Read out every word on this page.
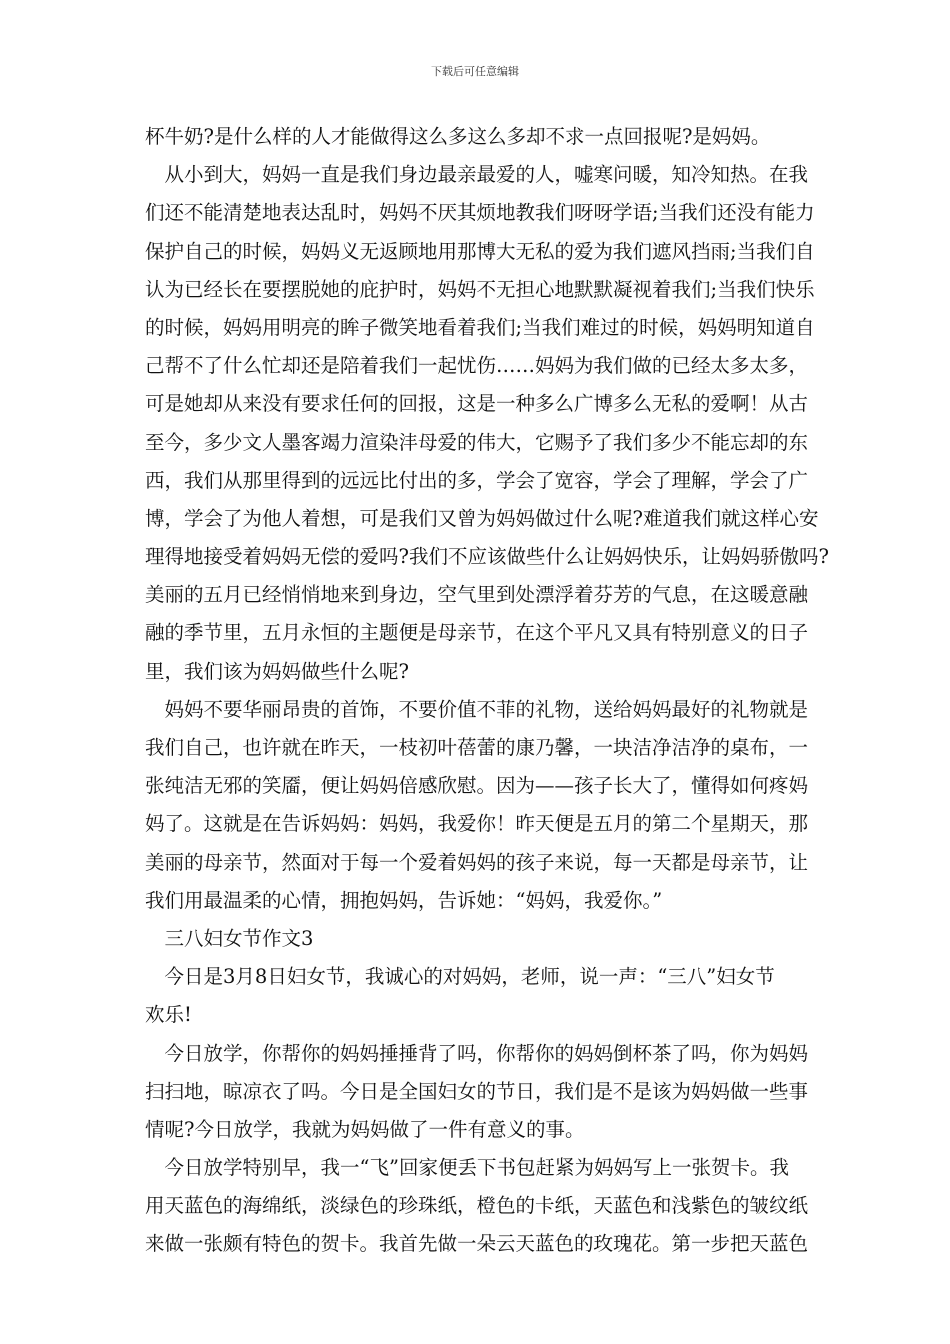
下载后可任意编辑
杯牛奶?是什么样的人才能做得这么多这么多却不求一点回报呢?是妈妈。
　从小到大，妈妈一直是我们身边最亲最爱的人，嘘寒问暖，知冷知热。在我
们还不能清楚地表达乱时，妈妈不厌其烦地教我们呀呀学语;当我们还没有能力
保护自己的时候，妈妈义无返顾地用那博大无私的爱为我们遮风挡雨;当我们自
认为已经长在要摆脱她的庇护时，妈妈不无担心地默默凝视着我们;当我们快乐
的时候，妈妈用明亮的眸子微笑地看着我们;当我们难过的时候，妈妈明知道自
己帮不了什么忙却还是陪着我们一起忧伤……妈妈为我们做的已经太多太多，
可是她却从来没有要求任何的回报，这是一种多么广博多么无私的爱啊！从古
至今，多少文人墨客竭力渲染沣母爱的伟大，它赐予了我们多少不能忘却的东
西，我们从那里得到的远远比付出的多，学会了宽容，学会了理解，学会了广
博，学会了为他人着想，可是我们又曾为妈妈做过什么呢?难道我们就这样心安
理得地接受着妈妈无偿的爱吗?我们不应该做些什么让妈妈快乐，让妈妈骄傲吗?
美丽的五月已经悄悄地来到身边，空气里到处漂浮着芬芳的气息，在这暖意融
融的季节里，五月永恒的主题便是母亲节，在这个平凡又具有特别意义的日子
里，我们该为妈妈做些什么呢?
　妈妈不要华丽昂贵的首饰，不要价值不菲的礼物，送给妈妈最好的礼物就是
我们自己，也许就在昨天，一枝初叶蓓蕾的康乃馨，一块洁净洁净的桌布，一
张纯洁无邪的笑靥，便让妈妈倍感欣慰。因为——孩子长大了，懂得如何疼妈
妈了。这就是在告诉妈妈：妈妈，我爱你！昨天便是五月的第二个星期天，那
美丽的母亲节，然面对于每一个爱着妈妈的孩子来说，每一天都是母亲节，让
我们用最温柔的心情，拥抱妈妈，告诉她：“妈妈，我爱你。”
　三八妇女节作文3
　今日是3月8日妇女节，我诚心的对妈妈，老师，说一声：“三八”妇女节
欢乐!
　今日放学，你帮你的妈妈捶捶背了吗，你帮你的妈妈倒杯茶了吗，你为妈妈
扫扫地，晾凉衣了吗。今日是全国妇女的节日，我们是不是该为妈妈做一些事
情呢?今日放学，我就为妈妈做了一件有意义的事。
　今日放学特别早，我一“飞”回家便丢下书包赶紧为妈妈写上一张贺卡。我
用天蓝色的海绵纸，淡绿色的珍珠纸，橙色的卡纸，天蓝色和浅紫色的皱纹纸
来做一张颇有特色的贺卡。我首先做一朵云天蓝色的玫瑰花。第一步把天蓝色
